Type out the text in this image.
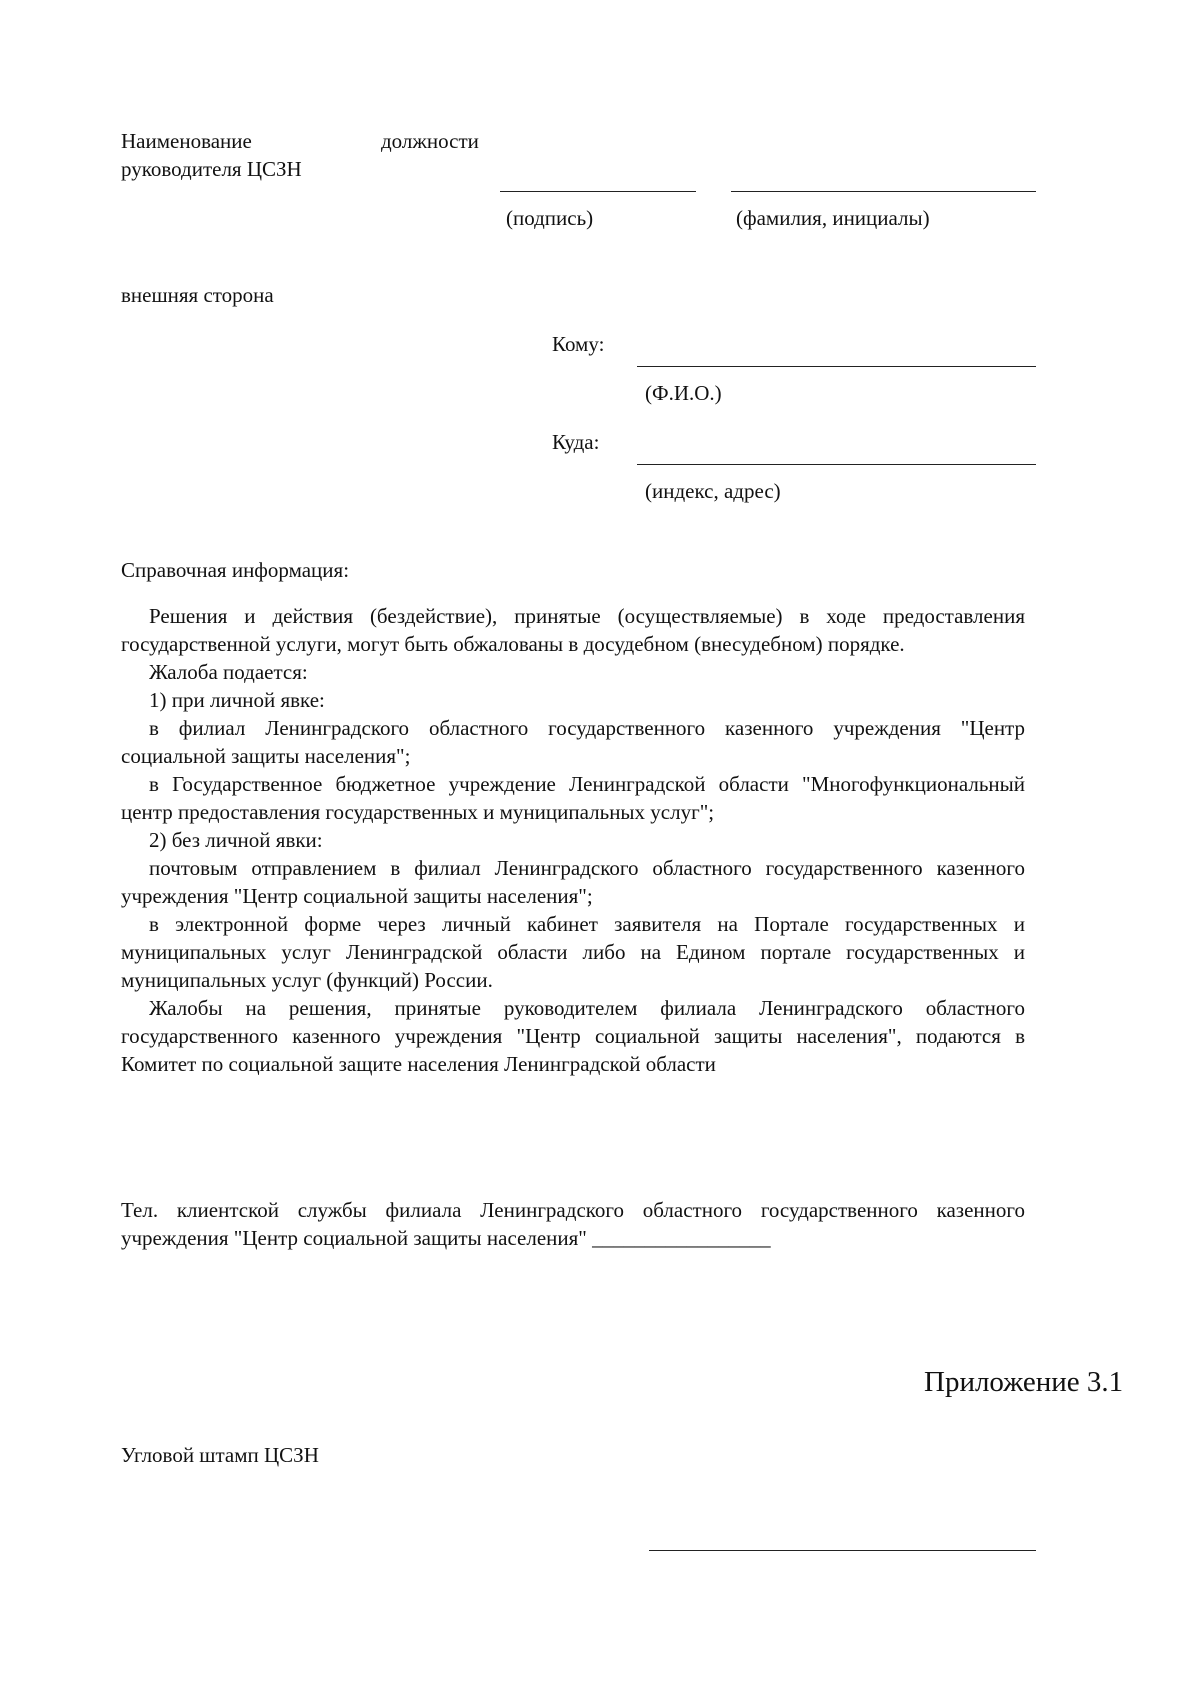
Наименование	должности
руководителя ЦСЗН
(подпись)	(фамилия, инициалы)
внешняя сторона
Кому:
(Ф.И.О.)
Куда:
(индекс, адрес)
Справочная информация:

Решения и действия (бездействие), принятые (осуществляемые) в ходе предоставления государственной услуги, могут быть обжалованы в досудебном (внесудебном) порядке.

Жалоба подается:

1) при личной явке:

в филиал Ленинградского областного государственного казенного учреждения "Центр социальной защиты населения";

в Государственное бюджетное учреждение Ленинградской области "Многофункциональный центр предоставления государственных и муниципальных услуг";

2) без личной явки:

почтовым отправлением в филиал Ленинградского областного государственного казенного учреждения "Центр социальной защиты населения";

в электронной форме через личный кабинет заявителя на Портале государственных и муниципальных услуг Ленинградской области либо на Едином портале государственных и муниципальных услуг (функций) России.

Жалобы на решения, принятые руководителем филиала Ленинградского областного государственного казенного учреждения "Центр социальной защиты населения", подаются в Комитет по социальной защите населения Ленинградской области

Тел. клиентской службы филиала Ленинградского областного государственного казенного учреждения "Центр социальной защиты населения" _________________
Приложение 3.1
Угловой штамп ЦСЗН
